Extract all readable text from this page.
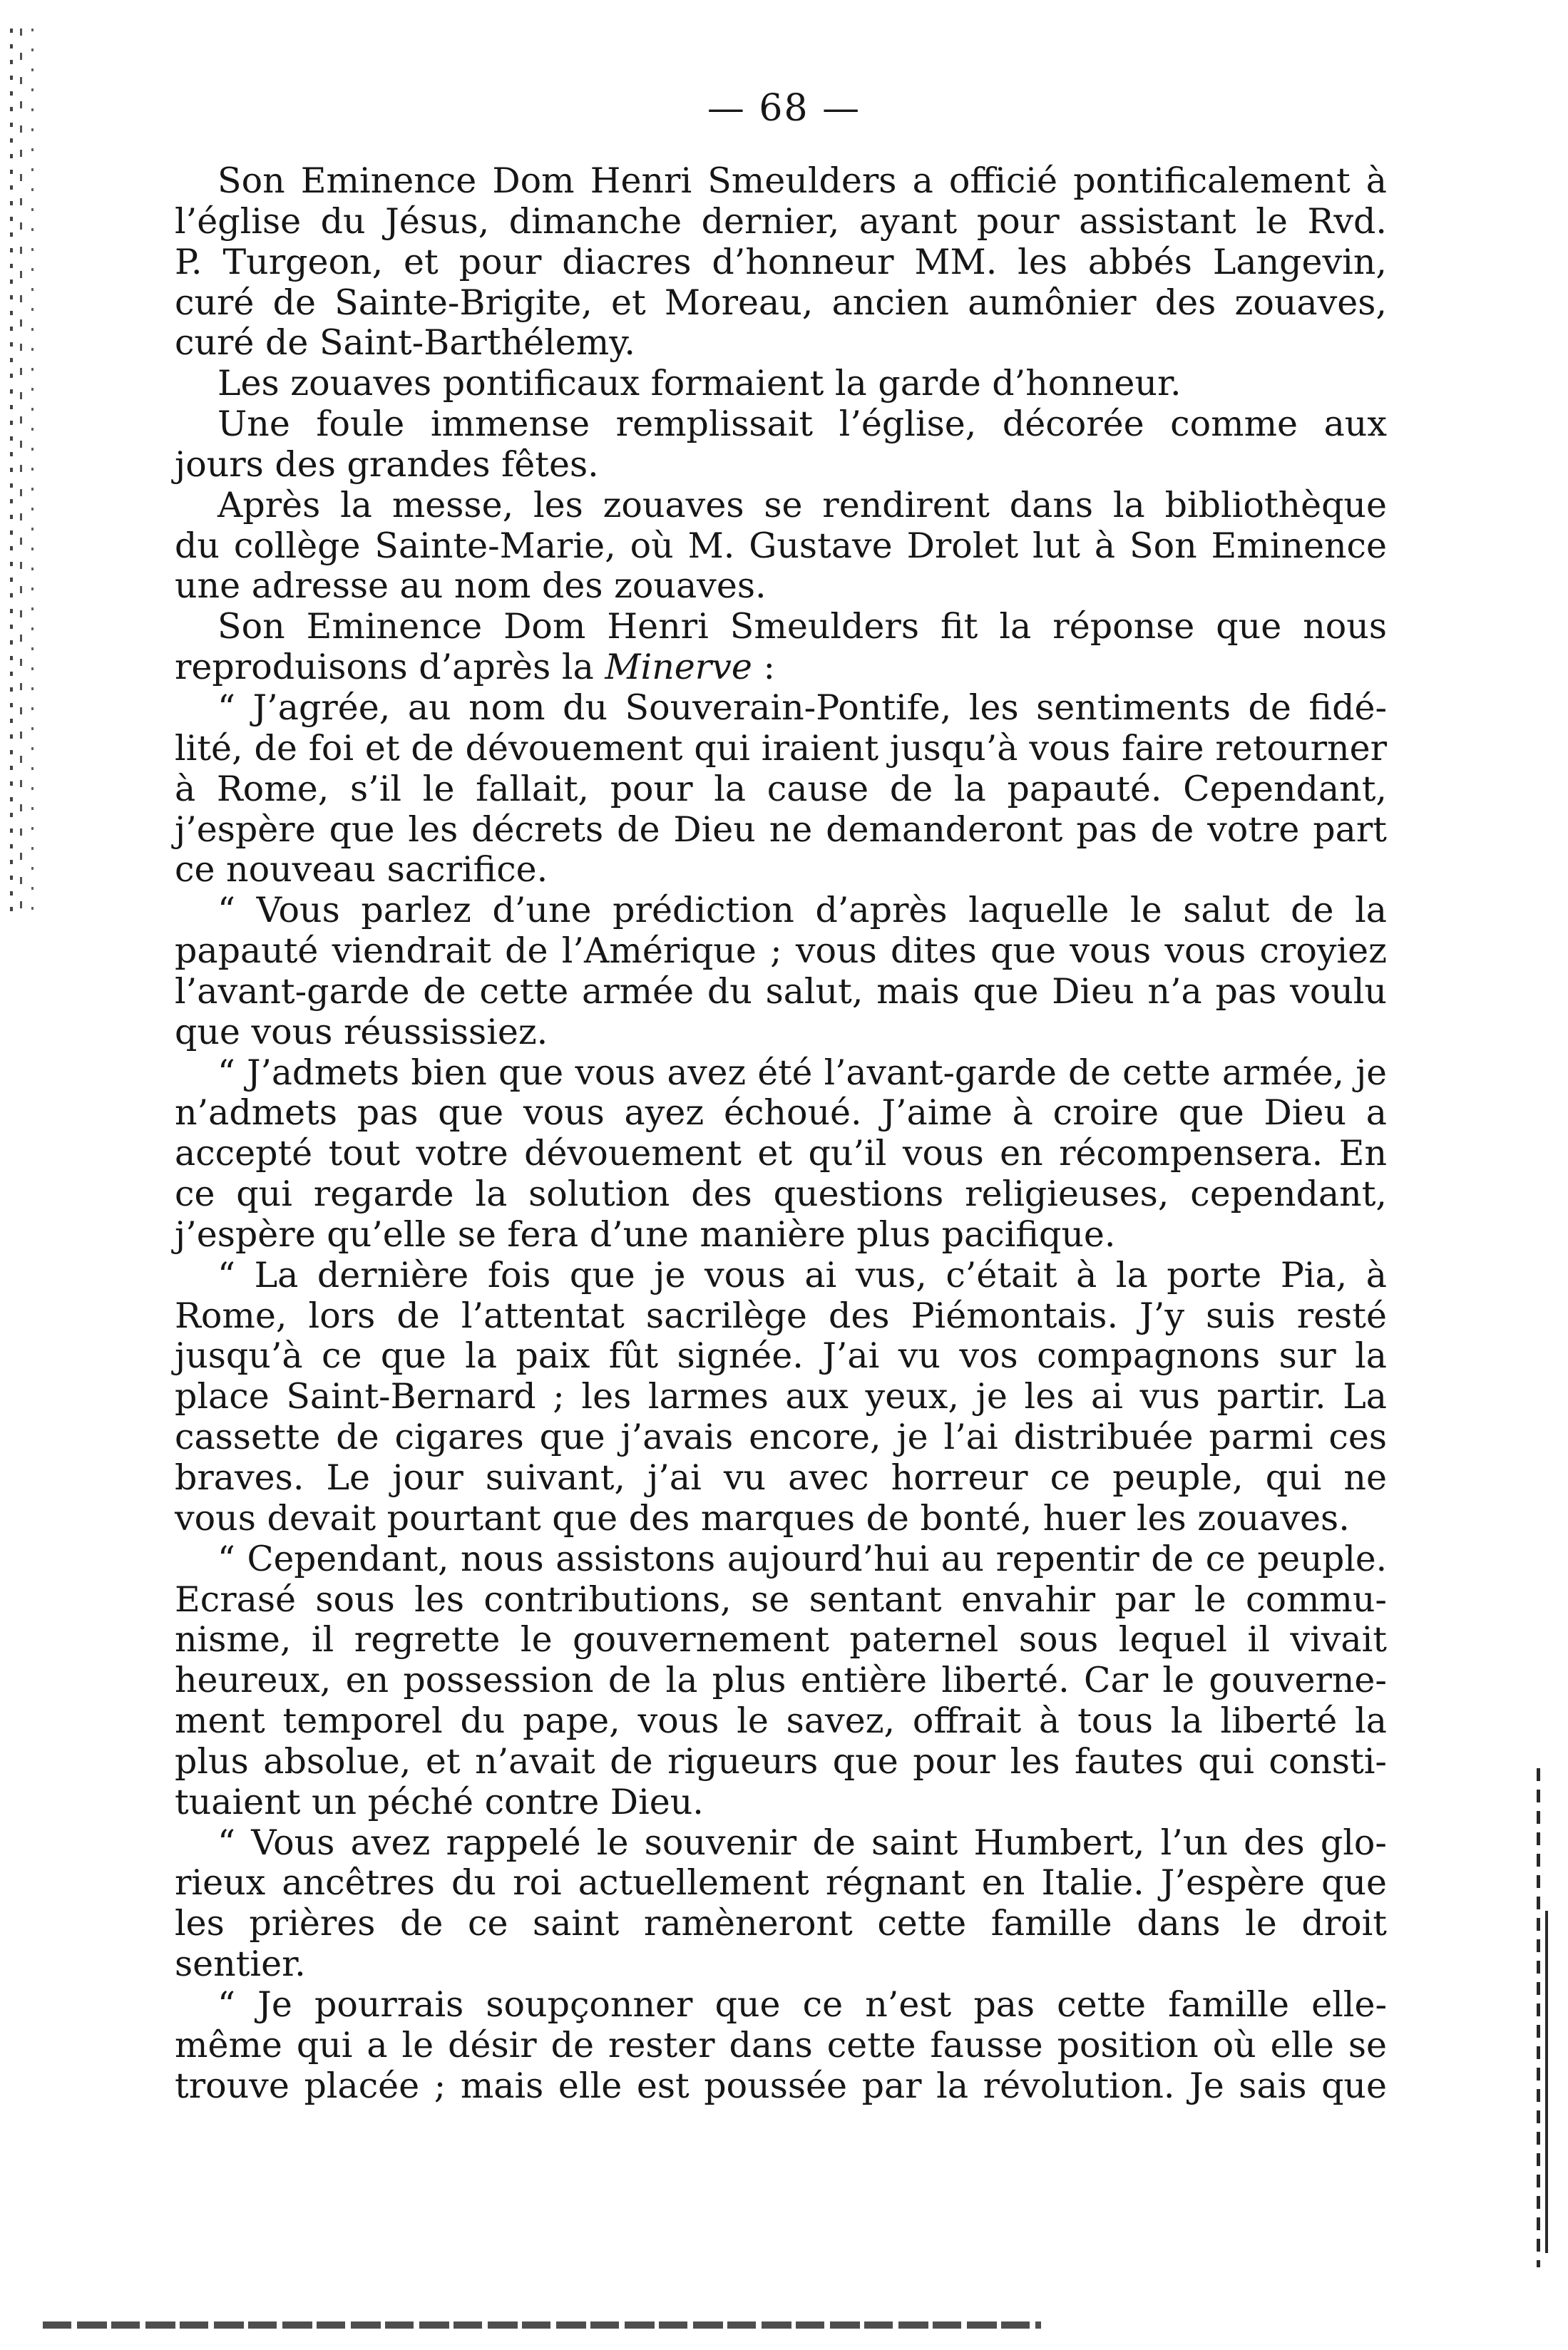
— 68 —
Son Eminence Dom Henri Smeulders a officié pontificalement à
l’église du Jésus, dimanche dernier, ayant pour assistant le Rvd.
P. Turgeon, et pour diacres d’honneur MM. les abbés Langevin,
curé de Sainte-Brigite, et Moreau, ancien aumônier des zouaves,
curé de Saint-Barthélemy.
Les zouaves pontificaux formaient la garde d’honneur.
Une foule immense remplissait l’église, décorée comme aux
jours des grandes fêtes.
Après la messe, les zouaves se rendirent dans la bibliothèque
du collège Sainte-Marie, où M. Gustave Drolet lut à Son Eminence
une adresse au nom des zouaves.
Son Eminence Dom Henri Smeulders fit la réponse que nous
reproduisons d’après la Minerve :
“ J’agrée, au nom du Souverain-Pontife, les sentiments de fidé-
lité, de foi et de dévouement qui iraient jusqu’à vous faire retourner
à Rome, s’il le fallait, pour la cause de la papauté. Cependant,
j’espère que les décrets de Dieu ne demanderont pas de votre part
ce nouveau sacrifice.
“ Vous parlez d’une prédiction d’après laquelle le salut de la
papauté viendrait de l’Amérique ; vous dites que vous vous croyiez
l’avant-garde de cette armée du salut, mais que Dieu n’a pas voulu
que vous réussissiez.
“ J’admets bien que vous avez été l’avant-garde de cette armée, je
n’admets pas que vous ayez échoué. J’aime à croire que Dieu a
accepté tout votre dévouement et qu’il vous en récompensera. En
ce qui regarde la solution des questions religieuses, cependant,
j’espère qu’elle se fera d’une manière plus pacifique.
“ La dernière fois que je vous ai vus, c’était à la porte Pia, à
Rome, lors de l’attentat sacrilège des Piémontais. J’y suis resté
jusqu’à ce que la paix fût signée. J’ai vu vos compagnons sur la
place Saint-Bernard ; les larmes aux yeux, je les ai vus partir. La
cassette de cigares que j’avais encore, je l’ai distribuée parmi ces
braves. Le jour suivant, j’ai vu avec horreur ce peuple, qui ne
vous devait pourtant que des marques de bonté, huer les zouaves.
“ Cependant, nous assistons aujourd’hui au repentir de ce peuple.
Ecrasé sous les contributions, se sentant envahir par le commu-
nisme, il regrette le gouvernement paternel sous lequel il vivait
heureux, en possession de la plus entière liberté. Car le gouverne-
ment temporel du pape, vous le savez, offrait à tous la liberté la
plus absolue, et n’avait de rigueurs que pour les fautes qui consti-
tuaient un péché contre Dieu.
“ Vous avez rappelé le souvenir de saint Humbert, l’un des glo-
rieux ancêtres du roi actuellement régnant en Italie. J’espère que
les prières de ce saint ramèneront cette famille dans le droit
sentier.
“ Je pourrais soupçonner que ce n’est pas cette famille elle-
même qui a le désir de rester dans cette fausse position où elle se
trouve placée ; mais elle est poussée par la révolution. Je sais que
